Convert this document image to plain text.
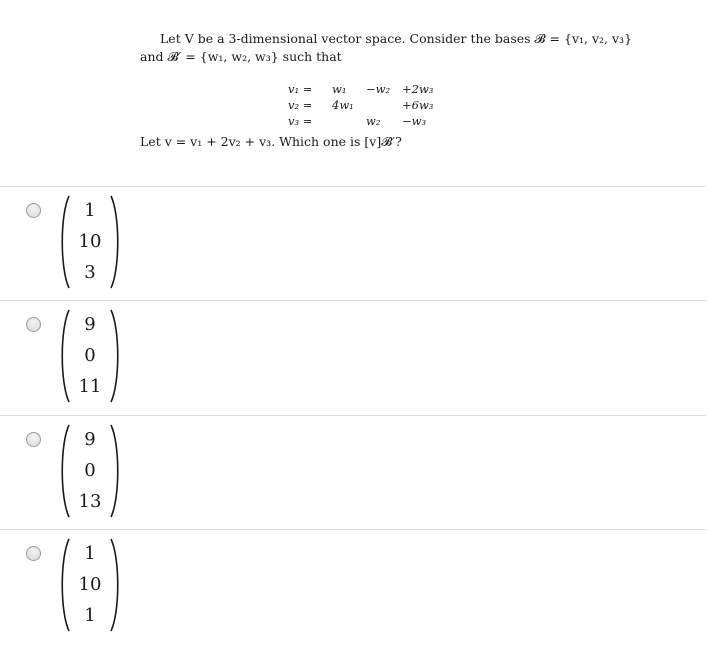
Let V be a 3-dimensional vector space. Consider the bases 𝓑 = {v₁, v₂, v₃}
and 𝓑′ = {w₁, w₂, w₃} such that
v₁ =	w₁	−w₂	+2w₃
v₂ =	4w₁		+6w₃
v₃ =		w₂	−w₃
Let v = v₁ + 2v₂ + v₃. Which one is [v]𝓑′?
1
10
3
9
0
11
9
0
13
1
10
1
